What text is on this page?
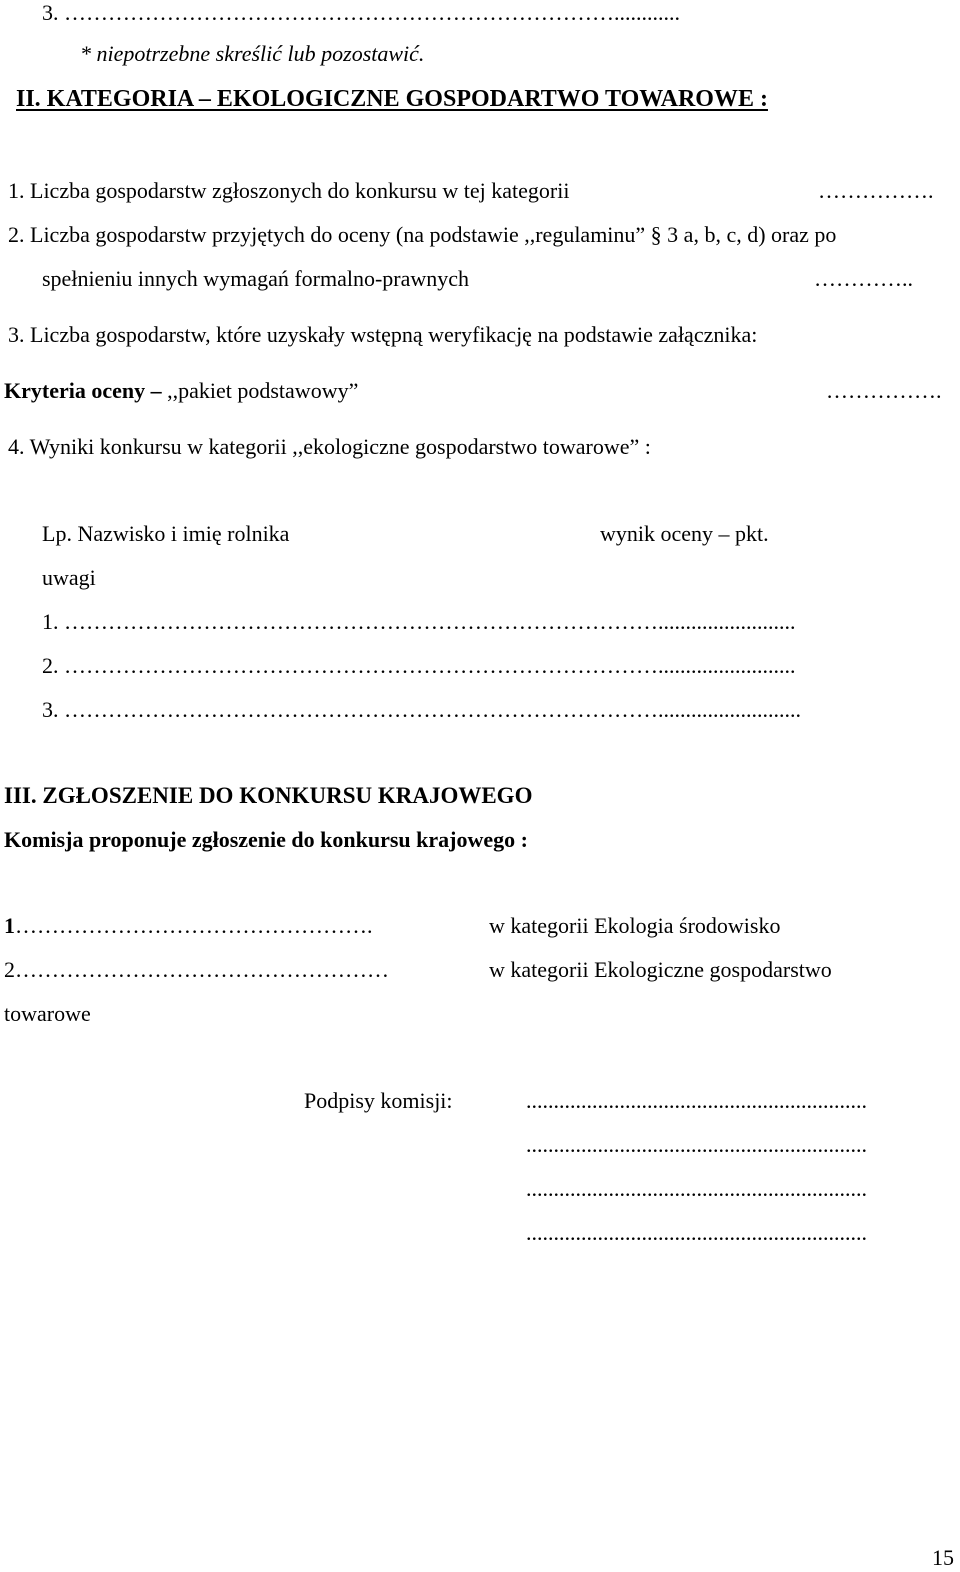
3. …………………………………………………………………............
* niepotrzebne skreślić lub pozostawić.
II. KATEGORIA – EKOLOGICZNE GOSPODARTWO TOWAROWE :
1. Liczba gospodarstw zgłoszonych do konkursu w tej kategorii	…………….
2. Liczba gospodarstw przyjętych do oceny (na podstawie ,,regulaminu” § 3 a, b, c, d) oraz po
spełnieniu innych wymagań formalno-prawnych	…………..
3. Liczba gospodarstw, które uzyskały wstępną weryfikację na podstawie załącznika:
Kryteria oceny – ,,pakiet podstawowy”	…………….
4. Wyniki konkursu w kategorii ,,ekologiczne gospodarstwo towarowe” :
Lp. Nazwisko i imię rolnika	wynik oceny – pkt.
uwagi
1. ……………………………………………………………………….........................
2. ……………………………………………………………………….........................
3. ………………………………………………………………………..........................
III. ZGŁOSZENIE DO KONKURSU KRAJOWEGO
Komisja proponuje zgłoszenie do konkursu krajowego :
1………………………………………….	w kategorii Ekologia środowisko
2……………………………………………	w kategorii Ekologiczne gospodarstwo
towarowe
Podpisy komisji:	..............................................................
..............................................................
..............................................................
..............................................................
15
